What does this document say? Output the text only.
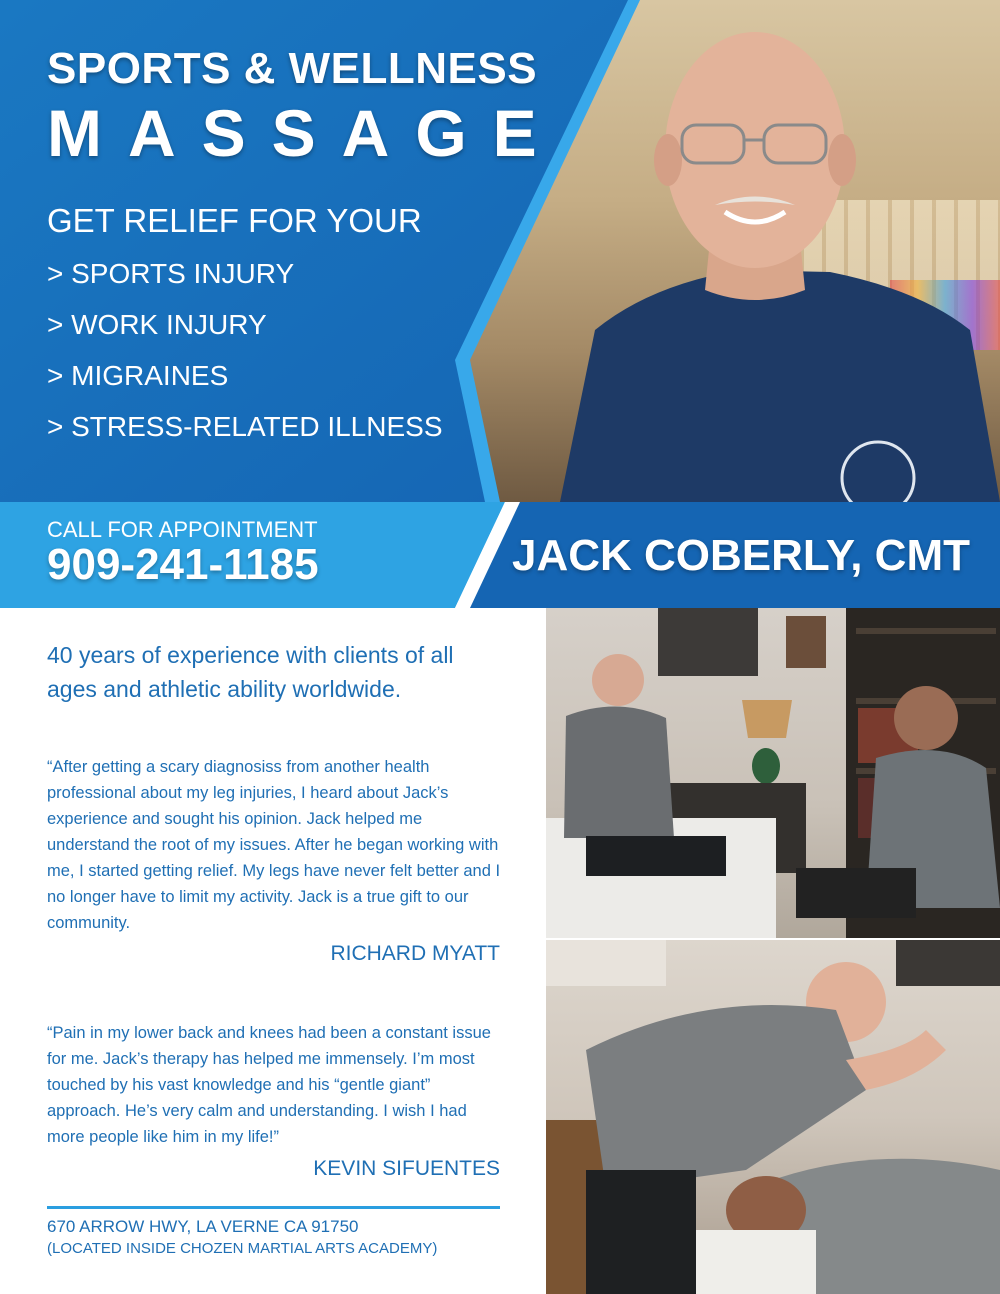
SPORTS & WELLNESS
MASSAGE
GET RELIEF FOR YOUR
> SPORTS INJURY
> WORK INJURY
> MIGRAINES
> STRESS-RELATED ILLNESS
CALL FOR APPOINTMENT
909-241-1185	JACK COBERLY, CMT
40 years of experience with clients of all ages and athletic ability worldwide.
“After getting a scary diagnosiss from another health professional about my leg injuries, I heard about Jack’s experience and sought his opinion. Jack helped me understand the root of my issues. After he began working with me, I started getting relief. My legs have never felt better and I no longer have to limit my activity. Jack is a true gift to our community.
RICHARD MYATT
“Pain in my lower back and knees had been a constant issue for me. Jack’s therapy has helped me immensely. I’m most touched by his vast knowledge and his “gentle giant” approach. He’s very calm and understanding. I wish I had more people like him in my life!”
KEVIN SIFUENTES
670 ARROW HWY, LA VERNE CA 91750
(LOCATED INSIDE CHOZEN MARTIAL ARTS ACADEMY)
